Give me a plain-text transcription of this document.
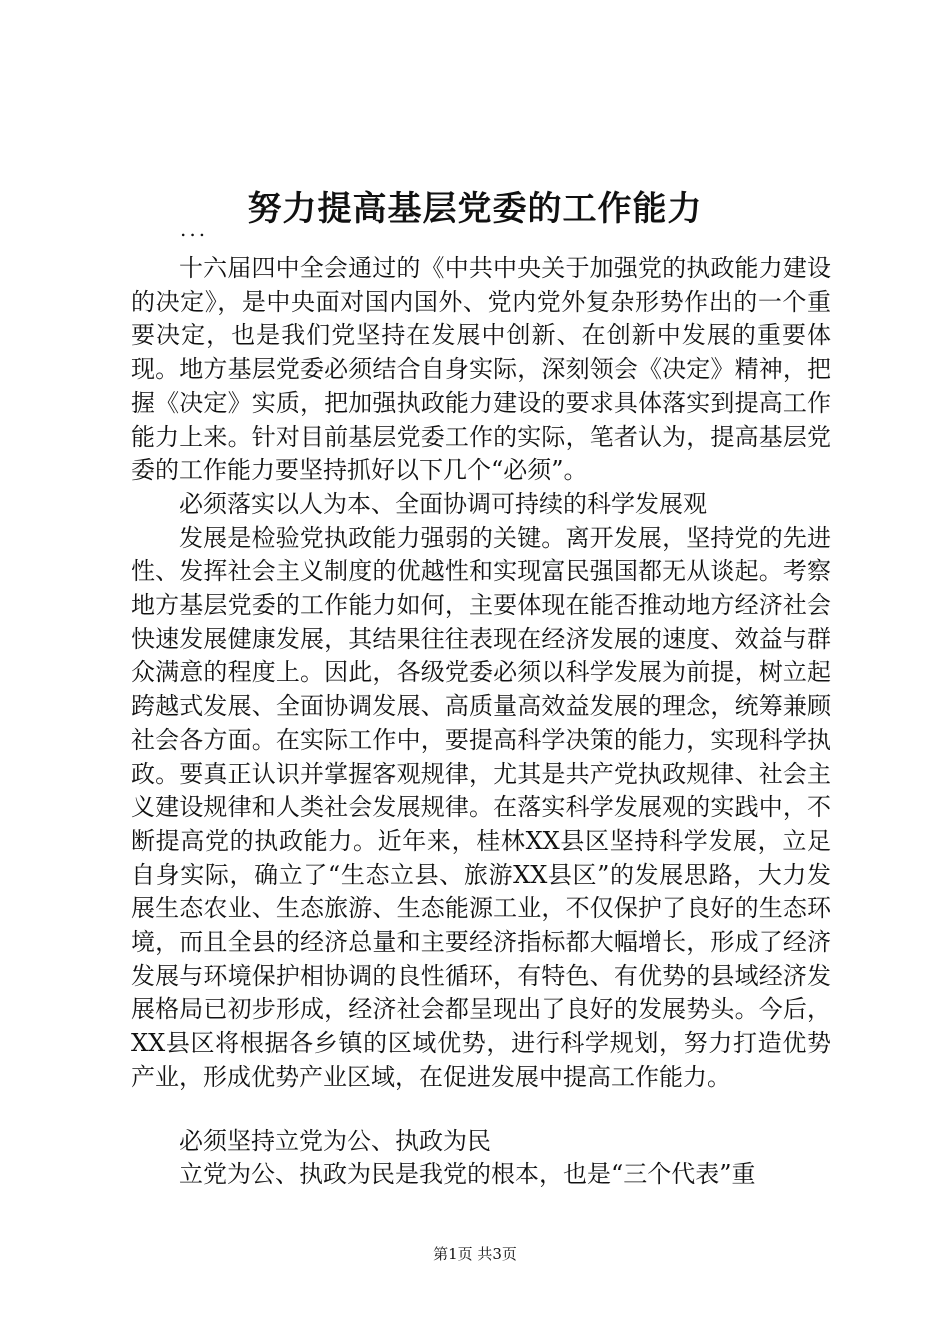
努力提高基层党委的工作能力
...

十六届四中全会通过的《中共中央关于加强党的执政能力建设的决定》，是中央面对国内国外、党内党外复杂形势作出的一个重要决定，也是我们党坚持在发展中创新、在创新中发展的重要体现。地方基层党委必须结合自身实际，深刻领会《决定》精神，把握《决定》实质，把加强执政能力建设的要求具体落实到提高工作能力上来。针对目前基层党委工作的实际，笔者认为，提高基层党委的工作能力要坚持抓好以下几个“必须”。

必须落实以人为本、全面协调可持续的科学发展观

发展是检验党执政能力强弱的关键。离开发展，坚持党的先进性、发挥社会主义制度的优越性和实现富民强国都无从谈起。考察地方基层党委的工作能力如何，主要体现在能否推动地方经济社会快速发展健康发展，其结果往往表现在经济发展的速度、效益与群众满意的程度上。因此，各级党委必须以科学发展为前提，树立起跨越式发展、全面协调发展、高质量高效益发展的理念，统筹兼顾社会各方面。在实际工作中，要提高科学决策的能力，实现科学执政。要真正认识并掌握客观规律，尤其是共产党执政规律、社会主义建设规律和人类社会发展规律。在落实科学发展观的实践中，不断提高党的执政能力。近年来，桂林XX县区坚持科学发展，立足自身实际，确立了“生态立县、旅游XX县区”的发展思路，大力发展生态农业、生态旅游、生态能源工业，不仅保护了良好的生态环境，而且全县的经济总量和主要经济指标都大幅增长，形成了经济发展与环境保护相协调的良性循环，有特色、有优势的县域经济发展格局已初步形成，经济社会都呈现出了良好的发展势头。今后，XX县区将根据各乡镇的区域优势，进行科学规划，努力打造优势产业，形成优势产业区域，在促进发展中提高工作能力。

必须坚持立党为公、执政为民

立党为公、执政为民是我党的根本，也是“三个代表”重

第1页 共3页
